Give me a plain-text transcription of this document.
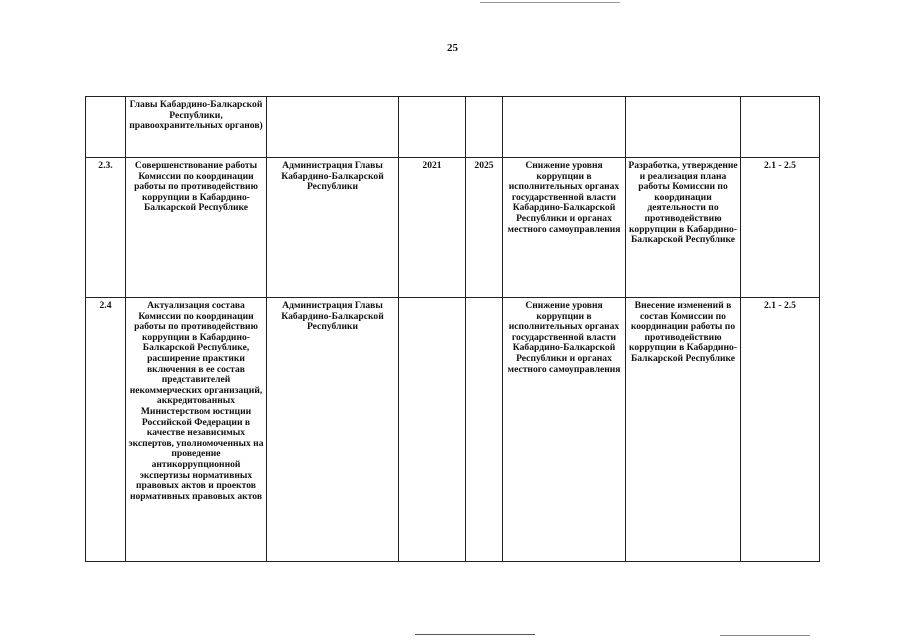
25
	Главы Кабардино-Балкарской Республики, правоохранительных органов)						
2.3.	Совершенствование работы Комиссии по координации работы по противодействию коррупции в Кабардино-Балкарской Республике	Администрация Главы Кабардино-Балкарской Республики	2021	2025	Снижение уровня коррупции в исполнительных органах государственной власти Кабардино-Балкарской Республики и органах местного самоуправления	Разработка, утверждение и реализация плана работы Комиссии по координации деятельности по противодействию коррупции в Кабардино-Балкарской Республике	2.1 - 2.5
2.4	Актуализация состава Комиссии по координации работы по противодействию коррупции в Кабардино-Балкарской Республике, расширение практики включения в ее состав представителей некоммерческих организаций, аккредитованных Министерством юстиции Российской Федерации в качестве независимых экспертов, уполномоченных на проведение антикоррупционной экспертизы нормативных правовых актов и проектов нормативных правовых актов	Администрация Главы Кабардино-Балкарской Республики			Снижение уровня коррупции в исполнительных органах государственной власти Кабардино-Балкарской Республики и органах местного самоуправления	Внесение изменений в состав Комиссии по координации работы по противодействию коррупции в Кабардино-Балкарской Республике	2.1 - 2.5
